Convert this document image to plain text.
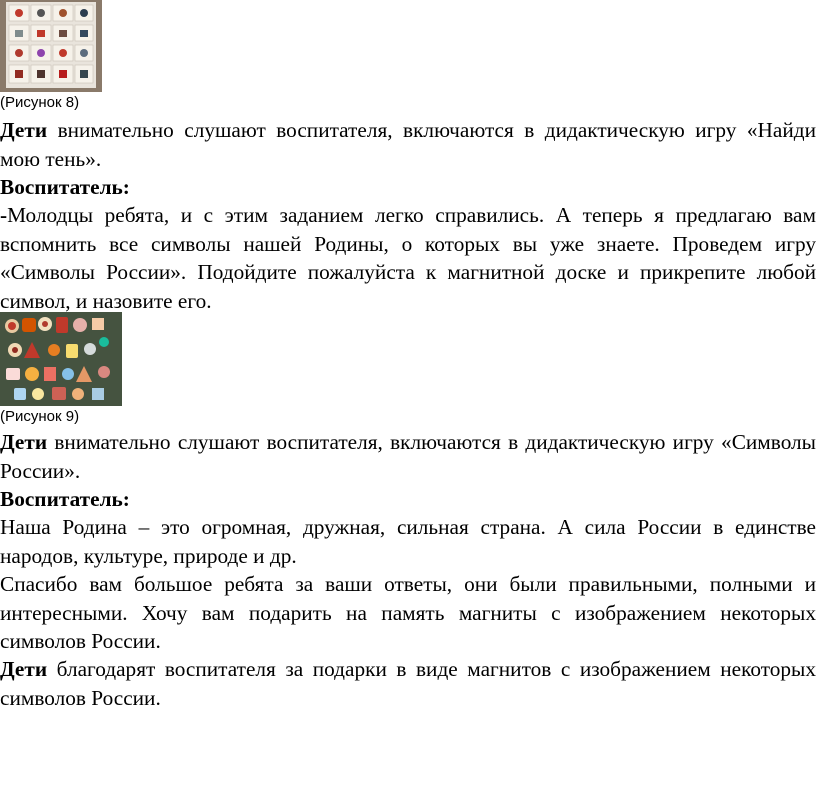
(Рисунок 8)

Дети внимательно слушают воспитателя, включаются в дидактическую игру «Найди мою тень».

Воспитатель:

-Молодцы ребята, и с этим заданием легко справились. А теперь я предлагаю вам вспомнить все символы нашей Родины, о которых вы уже знаете. Проведем игру «Символы России». Подойдите пожалуйста к магнитной доске и прикрепите любой символ, и назовите его.

(Рисунок 9)

Дети внимательно слушают воспитателя, включаются в дидактическую игру «Символы России».

Воспитатель:

Наша Родина – это огромная, дружная, сильная страна. А сила России в единстве народов, культуре, природе и др.

Спасибо вам большое ребята за ваши ответы, они были правильными, полными и интересными. Хочу вам подарить на память магниты с изображением некоторых символов России.

Дети благодарят воспитателя за подарки в виде магнитов с изображением некоторых символов России.
